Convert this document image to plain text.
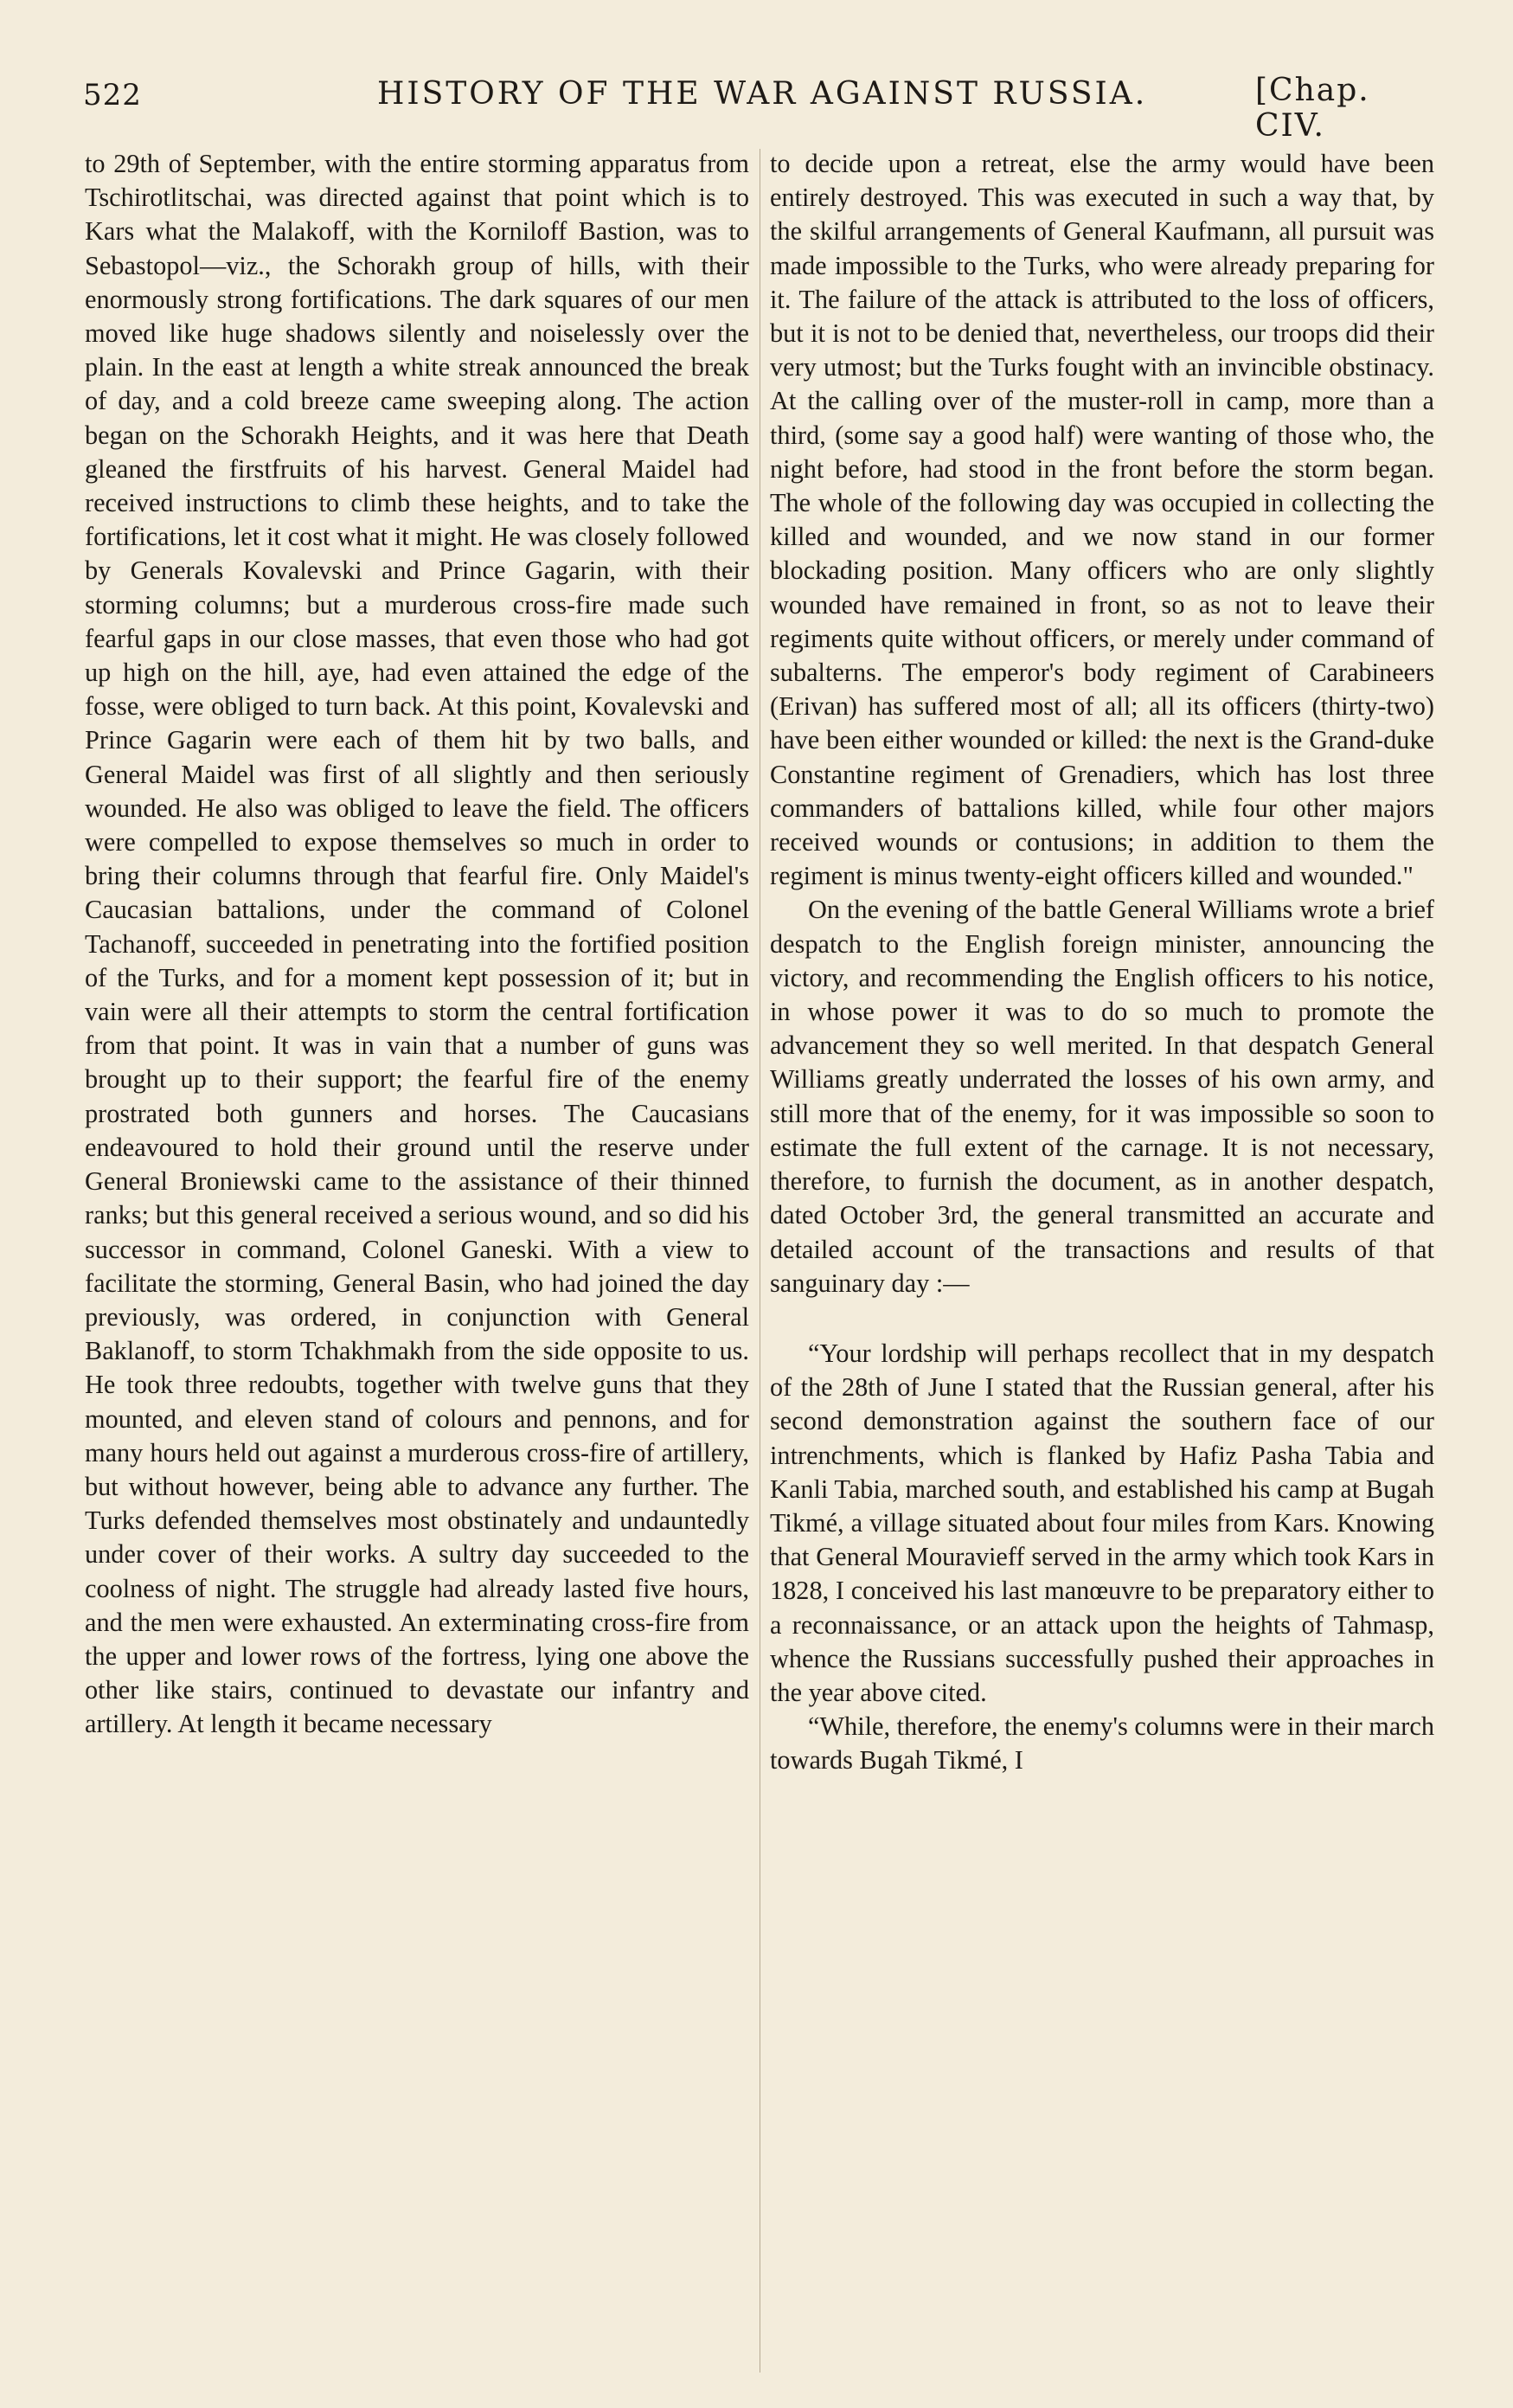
522	HISTORY OF THE WAR AGAINST RUSSIA.	[Chap. CIV.

to 29th of September, with the entire storming apparatus from Tschirotlitschai, was directed against that point which is to Kars what the Malakoff, with the Korniloff Bastion, was to Sebastopol—viz., the Schorakh group of hills, with their enormously strong fortifications. The dark squares of our men moved like huge shadows silently and noiselessly over the plain. In the east at length a white streak announced the break of day, and a cold breeze came sweeping along. The action began on the Schorakh Heights, and it was here that Death gleaned the firstfruits of his harvest. General Maidel had received instructions to climb these heights, and to take the fortifications, let it cost what it might. He was closely followed by Generals Kovalevski and Prince Gagarin, with their storming columns; but a murderous cross-fire made such fearful gaps in our close masses, that even those who had got up high on the hill, aye, had even attained the edge of the fosse, were obliged to turn back. At this point, Kovalevski and Prince Gagarin were each of them hit by two balls, and General Maidel was first of all slightly and then seriously wounded. He also was obliged to leave the field. The officers were compelled to expose themselves so much in order to bring their columns through that fearful fire. Only Maidel's Caucasian battalions, under the command of Colonel Tachanoff, succeeded in penetrating into the fortified position of the Turks, and for a moment kept possession of it; but in vain were all their attempts to storm the central fortification from that point. It was in vain that a number of guns was brought up to their support; the fearful fire of the enemy prostrated both gunners and horses. The Caucasians endeavoured to hold their ground until the reserve under General Broniewski came to the assistance of their thinned ranks; but this general received a serious wound, and so did his successor in command, Colonel Ganeski. With a view to facilitate the storming, General Basin, who had joined the day previously, was ordered, in conjunction with General Baklanoff, to storm Tchakhmakh from the side opposite to us. He took three redoubts, together with twelve guns that they mounted, and eleven stand of colours and pennons, and for many hours held out against a murderous cross-fire of artillery, but without however, being able to advance any further. The Turks defended themselves most obstinately and undauntedly under cover of their works. A sultry day succeeded to the coolness of night. The struggle had already lasted five hours, and the men were exhausted. An exterminating cross-fire from the upper and lower rows of the fortress, lying one above the other like stairs, continued to devastate our infantry and artillery. At length it became necessary

to decide upon a retreat, else the army would have been entirely destroyed. This was executed in such a way that, by the skilful arrangements of General Kaufmann, all pursuit was made impossible to the Turks, who were already preparing for it. The failure of the attack is attributed to the loss of officers, but it is not to be denied that, nevertheless, our troops did their very utmost; but the Turks fought with an invincible obstinacy. At the calling over of the muster-roll in camp, more than a third, (some say a good half) were wanting of those who, the night before, had stood in the front before the storm began. The whole of the following day was occupied in collecting the killed and wounded, and we now stand in our former blockading position. Many officers who are only slightly wounded have remained in front, so as not to leave their regiments quite without officers, or merely under command of subalterns. The emperor's body regiment of Carabineers (Erivan) has suffered most of all; all its officers (thirty-two) have been either wounded or killed: the next is the Grand-duke Constantine regiment of Grenadiers, which has lost three commanders of battalions killed, while four other majors received wounds or contusions; in addition to them the regiment is minus twenty-eight officers killed and wounded."

On the evening of the battle General Williams wrote a brief despatch to the English foreign minister, announcing the victory, and recommending the English officers to his notice, in whose power it was to do so much to promote the advancement they so well merited. In that despatch General Williams greatly underrated the losses of his own army, and still more that of the enemy, for it was impossible so soon to estimate the full extent of the carnage. It is not necessary, therefore, to furnish the document, as in another despatch, dated October 3rd, the general transmitted an accurate and detailed account of the transactions and results of that sanguinary day :—

“Your lordship will perhaps recollect that in my despatch of the 28th of June I stated that the Russian general, after his second demonstration against the southern face of our intrenchments, which is flanked by Hafiz Pasha Tabia and Kanli Tabia, marched south, and established his camp at Bugah Tikmé, a village situated about four miles from Kars. Knowing that General Mouravieff served in the army which took Kars in 1828, I conceived his last manœuvre to be preparatory either to a reconnaissance, or an attack upon the heights of Tahmasp, whence the Russians successfully pushed their approaches in the year above cited.

“While, therefore, the enemy's columns were in their march towards Bugah Tikmé, I
